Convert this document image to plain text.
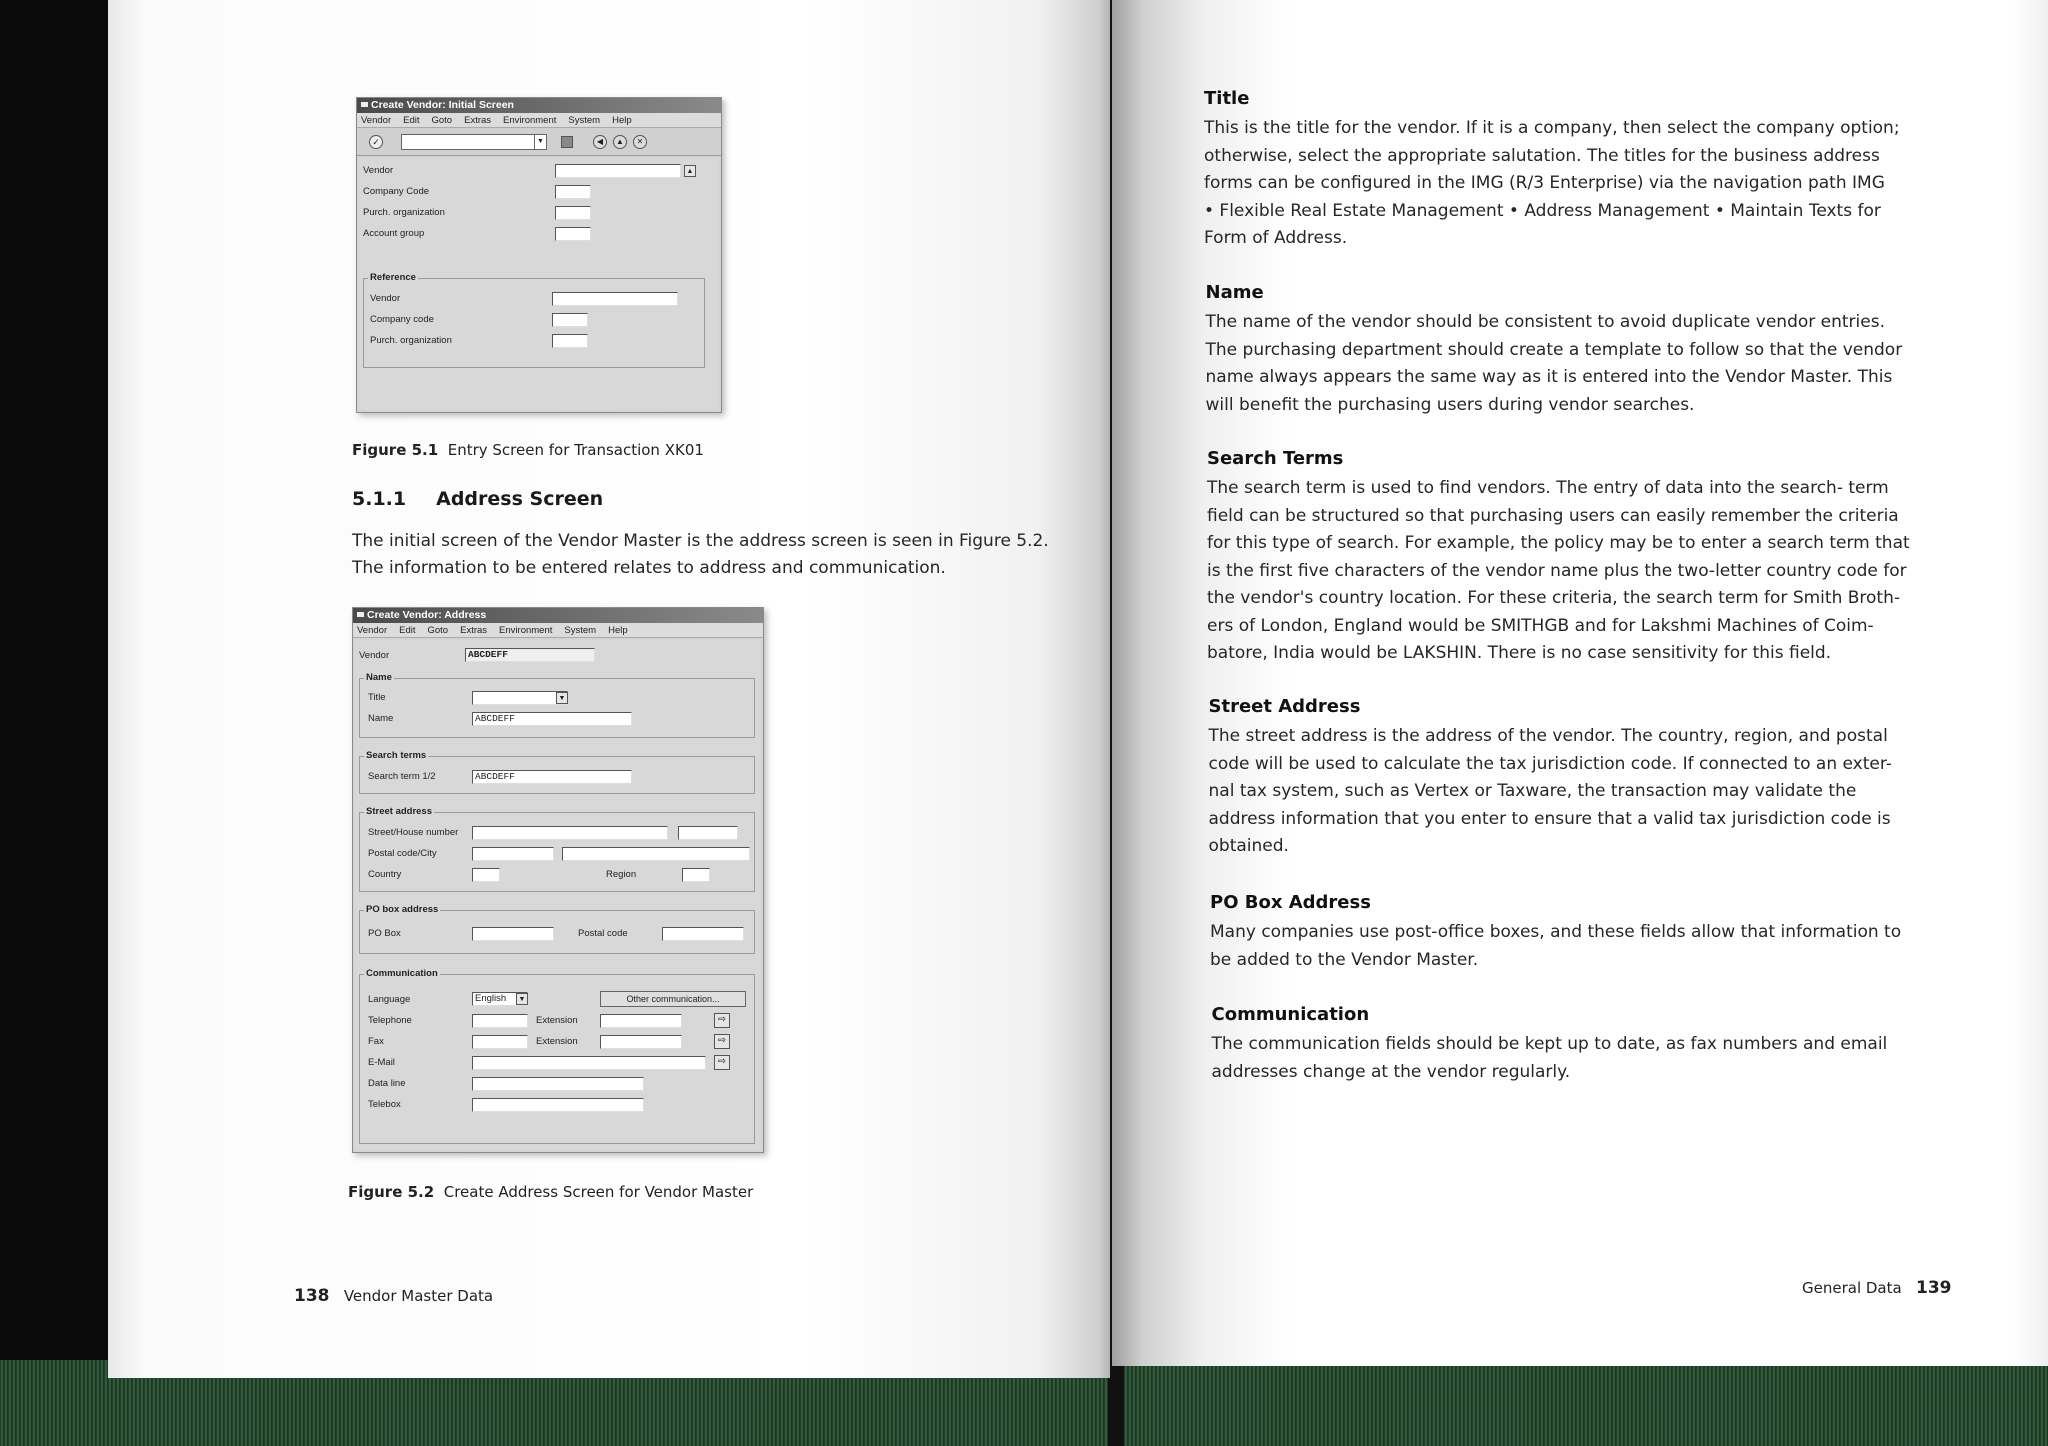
Create Vendor: Initial Screen
Vendor Edit Goto Extras Environment System Help
✓	▼	◀	▲	✕
Vendor	▲
Company Code
Purch. organization
Account group
Reference
Vendor
Company code
Purch. organization
Figure 5.1 Entry Screen for Transaction XK01
5.1.1 Address Screen
The initial screen of the Vendor Master is the address screen is seen in Figure 5.2.
The information to be entered relates to address and communication.
Create Vendor: Address
Vendor Edit Goto Extras Environment System Help
Vendor	ABCDEFF
Name
Title	▼
Name	ABCDEFF
Search terms
Search term 1/2	ABCDEFF
Street address
Street/House number
Postal code/City
Country	Region
PO box address
PO Box	Postal code
Communication
Language	English	▼	Other communication...
Telephone	Extension	⇨
Fax	Extension	⇨
E-Mail	⇨
Data line
Telebox
Figure 5.2 Create Address Screen for Vendor Master
138 Vendor Master Data
Title
This is the title for the vendor. If it is a company, then select the company option;
otherwise, select the appropriate salutation. The titles for the business address
forms can be configured in the IMG (R/3 Enterprise) via the navigation path IMG
• Flexible Real Estate Management • Address Management • Maintain Texts for
Form of Address.
Name
The name of the vendor should be consistent to avoid duplicate vendor entries.
The purchasing department should create a template to follow so that the vendor
name always appears the same way as it is entered into the Vendor Master. This
will benefit the purchasing users during vendor searches.
Search Terms
The search term is used to find vendors. The entry of data into the search- term
field can be structured so that purchasing users can easily remember the criteria
for this type of search. For example, the policy may be to enter a search term that
is the first five characters of the vendor name plus the two-letter country code for
the vendor's country location. For these criteria, the search term for Smith Broth-
ers of London, England would be SMITHGB and for Lakshmi Machines of Coim-
batore, India would be LAKSHIN. There is no case sensitivity for this field.
Street Address
The street address is the address of the vendor. The country, region, and postal
code will be used to calculate the tax jurisdiction code. If connected to an exter-
nal tax system, such as Vertex or Taxware, the transaction may validate the
address information that you enter to ensure that a valid tax jurisdiction code is
obtained.
PO Box Address
Many companies use post-office boxes, and these fields allow that information to
be added to the Vendor Master.
Communication
The communication fields should be kept up to date, as fax numbers and email
addresses change at the vendor regularly.
General Data 139
